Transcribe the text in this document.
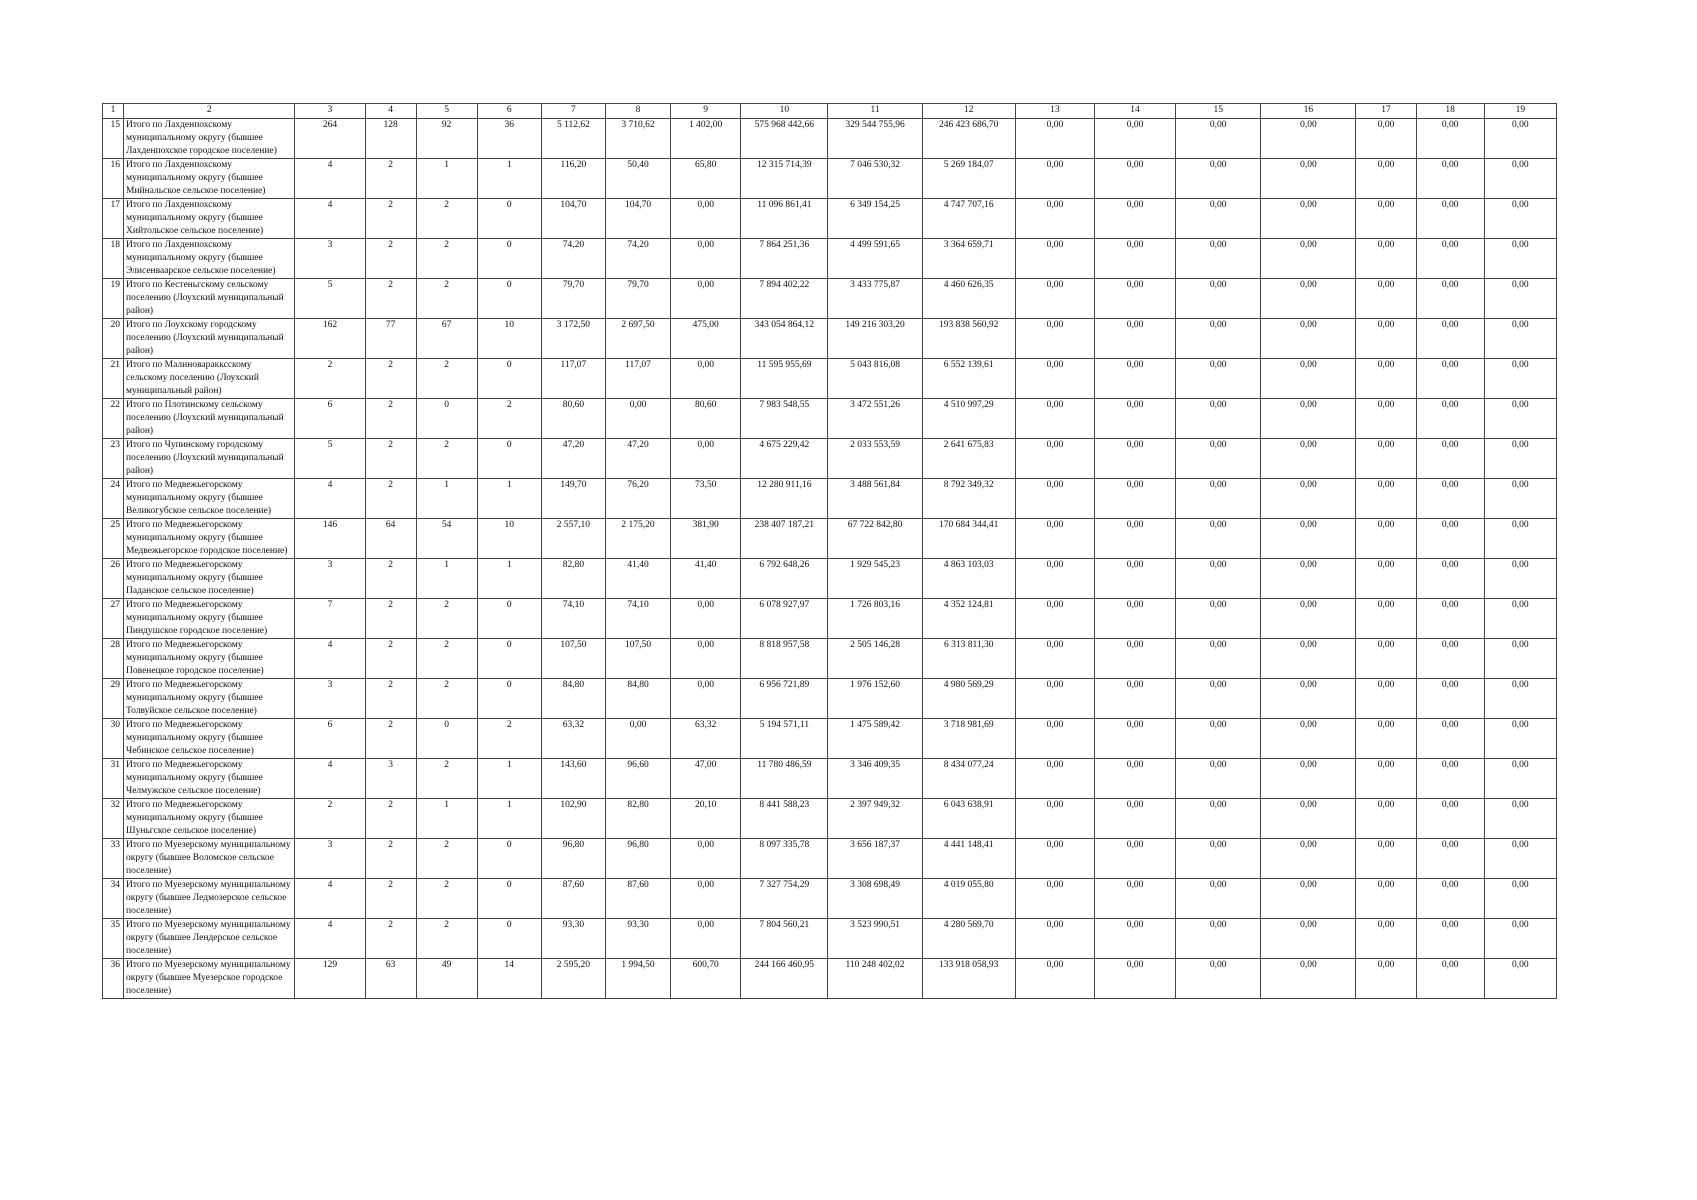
1	2	3	4	5	6	7	8	9	10	11	12	13	14	15	16	17	18	19
15	Итого по Лахденпохскому муниципальному округу (бывшее Лахденпохское городское поселение)	264	128	92	36	5 112,62	3 710,62	1 402,00	575 968 442,66	329 544 755,96	246 423 686,70	0,00	0,00	0,00	0,00	0,00	0,00	0,00
16	Итого по Лахденпохскому муниципальному округу (бывшее Мийнальское сельское поселение)	4	2	1	1	116,20	50,40	65,80	12 315 714,39	7 046 530,32	5 269 184,07	0,00	0,00	0,00	0,00	0,00	0,00	0,00
17	Итого по Лахденпохскому муниципальному округу (бывшее Хийтольское сельское поселение)	4	2	2	0	104,70	104,70	0,00	11 096 861,41	6 349 154,25	4 747 707,16	0,00	0,00	0,00	0,00	0,00	0,00	0,00
18	Итого по Лахденпохскому муниципальному округу (бывшее Элисенваарское сельское поселение)	3	2	2	0	74,20	74,20	0,00	7 864 251,36	4 499 591,65	3 364 659,71	0,00	0,00	0,00	0,00	0,00	0,00	0,00
19	Итого по Кестеньгскому сельскому поселению (Лоухский муниципальный район)	5	2	2	0	79,70	79,70	0,00	7 894 402,22	3 433 775,87	4 460 626,35	0,00	0,00	0,00	0,00	0,00	0,00	0,00
20	Итого по Лоухскому городскому поселению (Лоухский муниципальный район)	162	77	67	10	3 172,50	2 697,50	475,00	343 054 864,12	149 216 303,20	193 838 560,92	0,00	0,00	0,00	0,00	0,00	0,00	0,00
21	Итого по Малиноваракксскому сельскому поселению (Лоухский муниципальный район)	2	2	2	0	117,07	117,07	0,00	11 595 955,69	5 043 816,08	6 552 139,61	0,00	0,00	0,00	0,00	0,00	0,00	0,00
22	Итого по Плотинскому сельскому поселению (Лоухский муниципальный район)	6	2	0	2	80,60	0,00	80,60	7 983 548,55	3 472 551,26	4 510 997,29	0,00	0,00	0,00	0,00	0,00	0,00	0,00
23	Итого по Чупинскому городскому поселению (Лоухский муниципальный район)	5	2	2	0	47,20	47,20	0,00	4 675 229,42	2 033 553,59	2 641 675,83	0,00	0,00	0,00	0,00	0,00	0,00	0,00
24	Итого по Медвежьегорскому муниципальному округу (бывшее Великогубское сельское поселение)	4	2	1	1	149,70	76,20	73,50	12 280 911,16	3 488 561,84	8 792 349,32	0,00	0,00	0,00	0,00	0,00	0,00	0,00
25	Итого по Медвежьегорскому муниципальному округу (бывшее Медвежьегорское городское поселение)	146	64	54	10	2 557,10	2 175,20	381,90	238 407 187,21	67 722 842,80	170 684 344,41	0,00	0,00	0,00	0,00	0,00	0,00	0,00
26	Итого по Медвежьегорскому муниципальному округу (бывшее Паданское сельское поселение)	3	2	1	1	82,80	41,40	41,40	6 792 648,26	1 929 545,23	4 863 103,03	0,00	0,00	0,00	0,00	0,00	0,00	0,00
27	Итого по Медвежьегорскому муниципальному округу (бывшее Пиндушское городское поселение)	7	2	2	0	74,10	74,10	0,00	6 078 927,97	1 726 803,16	4 352 124,81	0,00	0,00	0,00	0,00	0,00	0,00	0,00
28	Итого по Медвежьегорскому муниципальному округу (бывшее Повенецкое городское поселение)	4	2	2	0	107,50	107,50	0,00	8 818 957,58	2 505 146,28	6 313 811,30	0,00	0,00	0,00	0,00	0,00	0,00	0,00
29	Итого по Медвежьегорскому муниципальному округу (бывшее Толвуйское сельское поселение)	3	2	2	0	84,80	84,80	0,00	6 956 721,89	1 976 152,60	4 980 569,29	0,00	0,00	0,00	0,00	0,00	0,00	0,00
30	Итого по Медвежьегорскому муниципальному округу (бывшее Чебинское сельское поселение)	6	2	0	2	63,32	0,00	63,32	5 194 571,11	1 475 589,42	3 718 981,69	0,00	0,00	0,00	0,00	0,00	0,00	0,00
31	Итого по Медвежьегорскому муниципальному округу (бывшее Челмужское сельское поселение)	4	3	2	1	143,60	96,60	47,00	11 780 486,59	3 346 409,35	8 434 077,24	0,00	0,00	0,00	0,00	0,00	0,00	0,00
32	Итого по Медвежьегорскому муниципальному округу (бывшее Шуньгское сельское поселение)	2	2	1	1	102,90	82,80	20,10	8 441 588,23	2 397 949,32	6 043 638,91	0,00	0,00	0,00	0,00	0,00	0,00	0,00
33	Итого по Муезерскому муниципальному округу (бывшее Воломское сельское поселение)	3	2	2	0	96,80	96,80	0,00	8 097 335,78	3 656 187,37	4 441 148,41	0,00	0,00	0,00	0,00	0,00	0,00	0,00
34	Итого по Муезерскому муниципальному округу (бывшее Ледмозерское сельское поселение)	4	2	2	0	87,60	87,60	0,00	7 327 754,29	3 308 698,49	4 019 055,80	0,00	0,00	0,00	0,00	0,00	0,00	0,00
35	Итого по Муезерскому муниципальному округу (бывшее Лендерское сельское поселение)	4	2	2	0	93,30	93,30	0,00	7 804 560,21	3 523 990,51	4 280 569,70	0,00	0,00	0,00	0,00	0,00	0,00	0,00
36	Итого по Муезерскому муниципальному округу (бывшее Муезерское городское поселение)	129	63	49	14	2 595,20	1 994,50	600,70	244 166 460,95	110 248 402,02	133 918 058,93	0,00	0,00	0,00	0,00	0,00	0,00	0,00
